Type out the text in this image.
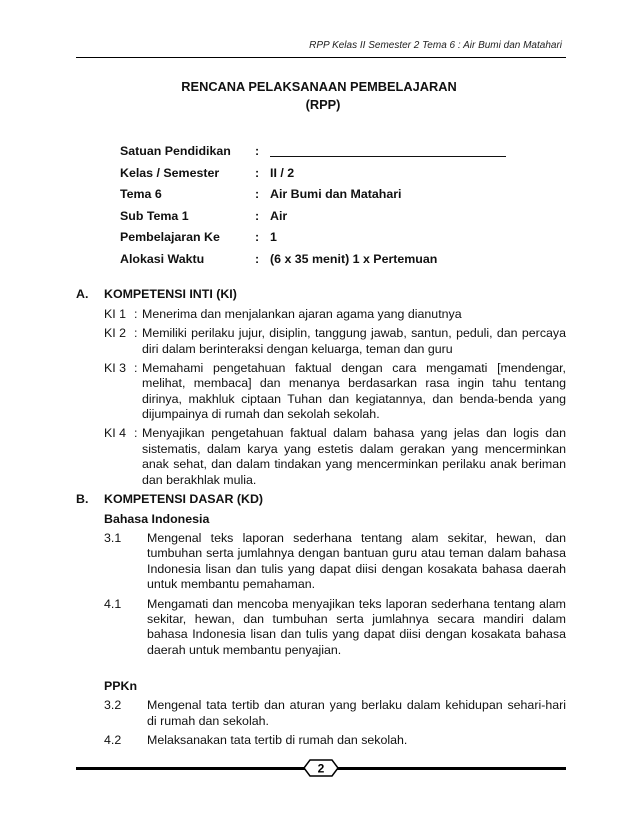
RPP Kelas II Semester 2 Tema 6 : Air Bumi dan Matahari
RENCANA PELAKSANAAN PEMBELAJARAN
(RPP)
Satuan Pendidikan :
Kelas / Semester	: II / 2
Tema 6	: Air Bumi dan Matahari
Sub Tema 1	: Air
Pembelajaran Ke	: 1
Alokasi Waktu	: (6 x 35 menit) 1 x Pertemuan
A. KOMPETENSI INTI (KI)
KI 1 : Menerima dan menjalankan ajaran agama yang dianutnya
KI 2 : Memiliki perilaku jujur, disiplin, tanggung jawab, santun, peduli, dan percaya diri dalam berinteraksi dengan keluarga, teman dan guru
KI 3 : Memahami pengetahuan faktual dengan cara mengamati [mendengar, melihat, membaca] dan menanya berdasarkan rasa ingin tahu tentang dirinya, makhluk ciptaan Tuhan dan kegiatannya, dan benda-benda yang dijumpainya di rumah dan sekolah sekolah.
KI 4 : Menyajikan pengetahuan faktual dalam bahasa yang jelas dan logis dan sistematis, dalam karya yang estetis dalam gerakan yang mencerminkan anak sehat, dan dalam tindakan yang mencerminkan perilaku anak beriman dan berakhlak mulia.
B. KOMPETENSI DASAR (KD)
Bahasa Indonesia
3.1 Mengenal teks laporan sederhana tentang alam sekitar, hewan, dan tumbuhan serta jumlahnya dengan bantuan guru atau teman dalam bahasa Indonesia lisan dan tulis yang dapat diisi dengan kosakata bahasa daerah untuk membantu pemahaman.
4.1 Mengamati dan mencoba menyajikan teks laporan sederhana tentang alam sekitar, hewan, dan tumbuhan serta jumlahnya secara mandiri dalam bahasa Indonesia lisan dan tulis yang dapat diisi dengan kosakata bahasa daerah untuk membantu penyajian.
PPKn
3.2 Mengenal tata tertib dan aturan yang berlaku dalam kehidupan sehari-hari di rumah dan sekolah.
4.2 Melaksanakan tata tertib di rumah dan sekolah.
2
